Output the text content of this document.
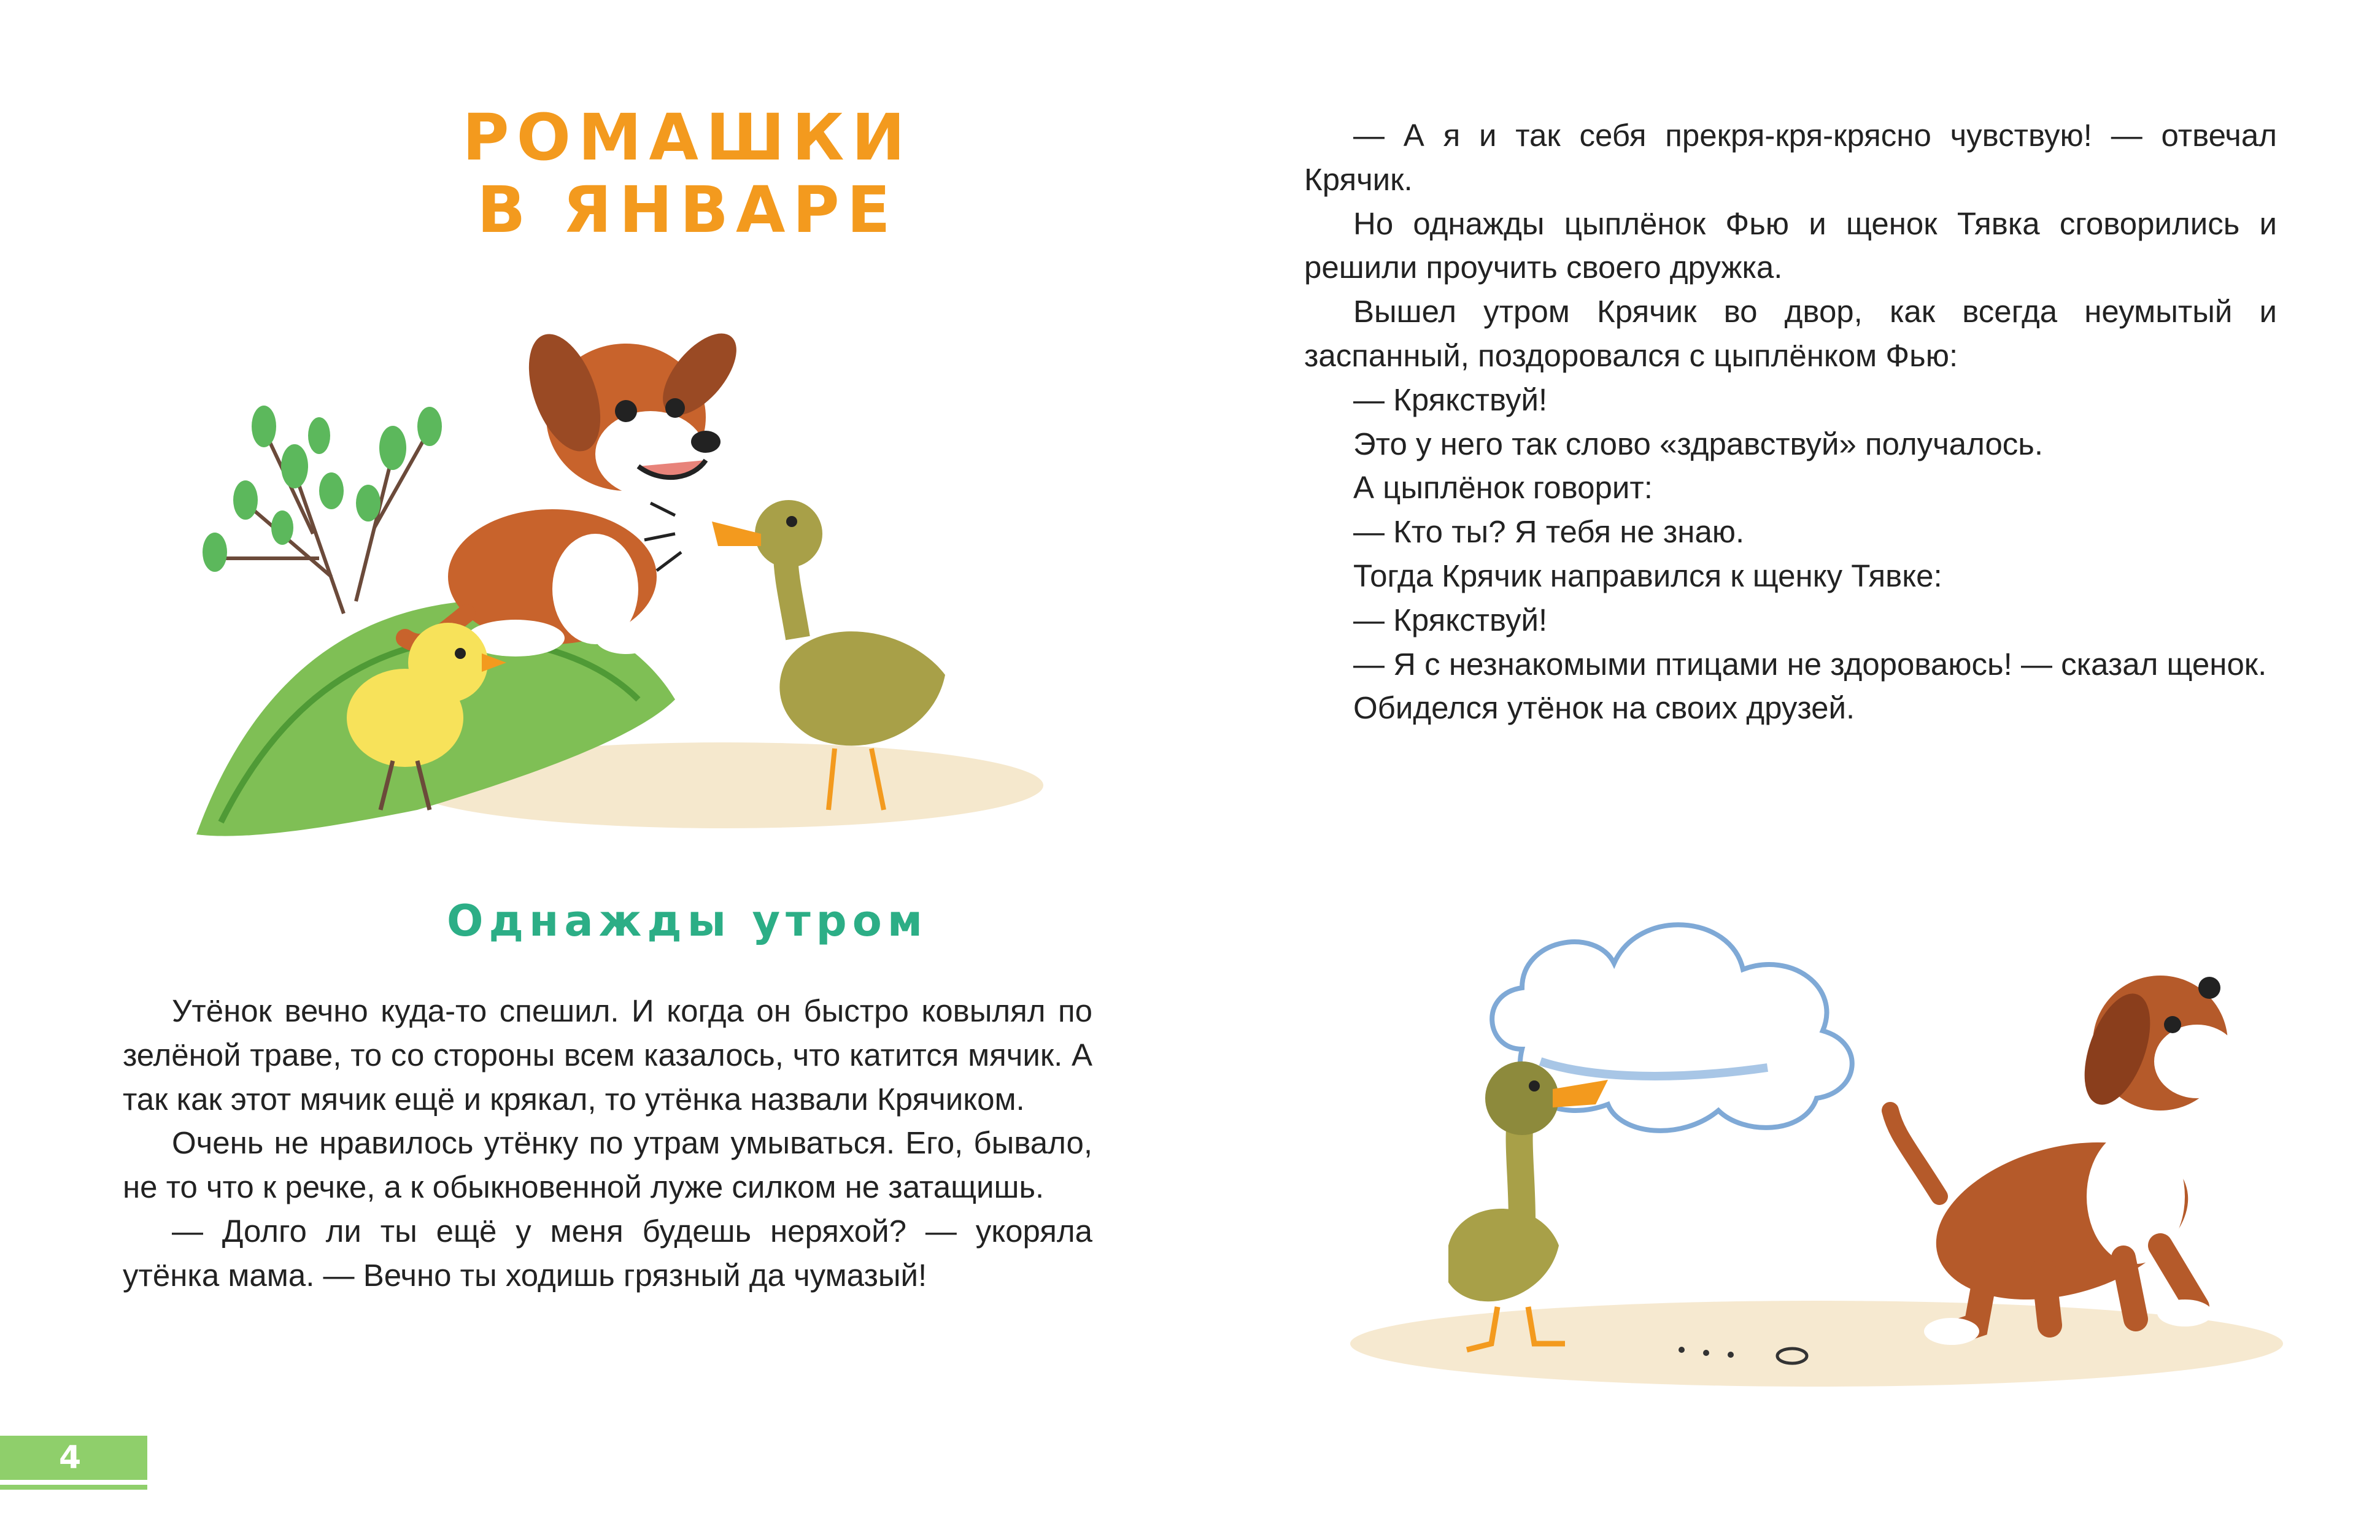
РОМАШКИ
В ЯНВАРЕ
Однажды утром

Утёнок вечно куда-то спешил. И когда он быстро ковылял по зелёной траве, то со стороны всем казалось, что катится мячик. А так как этот мячик ещё и крякал, то утёнка назвали Крячиком.

Очень не нравилось утёнку по утрам умываться. Его, бывало, не то что к речке, а к обыкновенной луже силком не затащишь.

— Долго ли ты ещё у меня будешь неряхой? — укоряла утёнка мама. — Вечно ты ходишь грязный да чумазый!

4

— А я и так себя прекря-кря-крясно чувствую! — отвечал Крячик.

Но однажды цыплёнок Фью и щенок Тявка сговорились и решили проучить своего дружка.

Вышел утром Крячик во двор, как всегда неумытый и заспанный, поздоровался с цыплёнком Фью:

— Крякствуй!

Это у него так слово «здравствуй» получалось.

А цыплёнок говорит:

— Кто ты? Я тебя не знаю.

Тогда Крячик направился к щенку Тявке:

— Крякствуй!

— Я с незнакомыми птицами не здороваюсь! — сказал щенок.

Обиделся утёнок на своих друзей.
